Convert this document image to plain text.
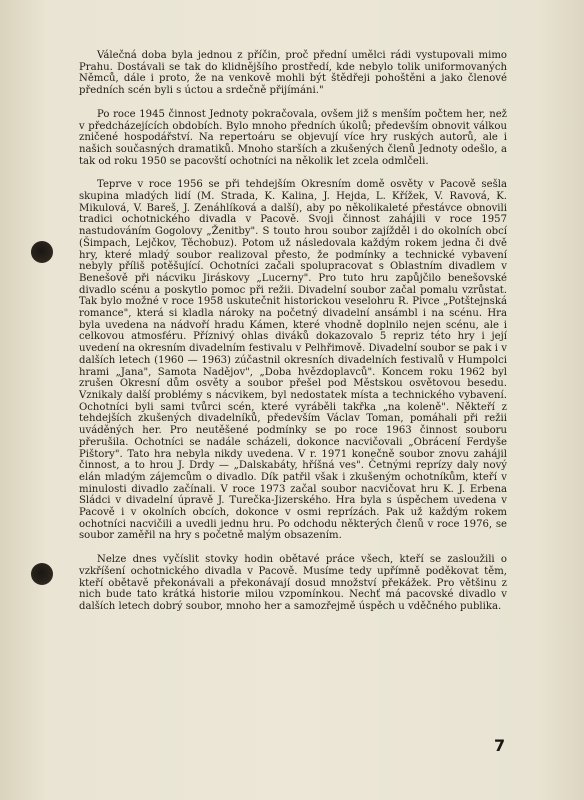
Válečná doba byla jednou z příčin, proč přední umělci rádi vystupovali mimo Prahu. Dostávali se tak do klidnějšího prostředí, kde nebylo tolik uniformovaných Němců, dále i proto, že na venkově mohli být štědřeji pohoštěni a jako členové předních scén byli s úctou a srdečně přijímáni."

Po roce 1945 činnost Jednoty pokračovala, ovšem již s menším počtem her, než v předcházejících obdobích. Bylo mnoho předních úkolů; především obnovit válkou zničené hospodářství. Na repertoáru se objevují více hry ruských autorů, ale i našich současných dramatiků. Mnoho starších a zkušených členů Jednoty odešlo, a tak od roku 1950 se pacovští ochotníci na několik let zcela odmlčeli.

Teprve v roce 1956 se při tehdejším Okresním domě osvěty v Pacově sešla skupina mladých lidí (M. Strada, K. Kalina, J. Hejda, L. Křížek, V. Ravová, K. Mikulová, V. Bareš, J. Zenáhlíková a další), aby po několikaleté přestávce obnovili tradici ochotnického divadla v Pacově. Svoji činnost zahájili v roce 1957 nastudováním Gogolovy „Ženitby". S touto hrou soubor zajížděl i do okolních obcí (Šimpach, Lejčkov, Těchobuz). Potom už následovala každým rokem jedna či dvě hry, které mladý soubor realizoval přesto, že podmínky a technické vybavení nebyly příliš potěšující. Ochotníci začali spolupracovat s Oblastním divadlem v Benešově při nácviku Jiráskovy „Lucerny". Pro tuto hru zapůjčilo benešovské divadlo scénu a poskytlo pomoc při režii. Divadelní soubor začal pomalu vzrůstat. Tak bylo možné v roce 1958 uskutečnit historickou veselohru R. Pivce „Potštejnská romance", která si kladla nároky na početný divadelní ansámbl i na scénu. Hra byla uvedena na nádvoří hradu Kámen, které vhodně doplnilo nejen scénu, ale i celkovou atmosféru. Příznivý ohlas diváků dokazovalo 5 repriz této hry i její uvedení na okresním divadelním festivalu v Pelhřimově. Divadelní soubor se pak i v dalších letech (1960 — 1963) zúčastnil okresních divadelních festivalů v Humpolci hrami „Jana", Samota Nadějov", „Doba hvězdoplavců". Koncem roku 1962 byl zrušen Okresní dům osvěty a soubor přešel pod Městskou osvětovou besedu. Vznikaly další problémy s nácvikem, byl nedostatek místa a technického vybavení. Ochotníci byli sami tvůrci scén, které vyráběli takřka „na koleně". Někteří z tehdejších zkušených divadelníků, především Václav Toman, pomáhali při režii uváděných her. Pro neutěšené podmínky se po roce 1963 činnost souboru přerušila. Ochotníci se nadále scházeli, dokonce nacvičovali „Obrácení Ferdyše Pištory". Tato hra nebyla nikdy uvedena. V r. 1971 konečně soubor znovu zahájil činnost, a to hrou J. Drdy — „Dalskabáty, hříšná ves". Četnými reprízy daly nový elán mladým zájemcům o divadlo. Dík patřil však i zkušeným ochotníkům, kteří v minulosti divadlo začínali. V roce 1973 začal soubor nacvičovat hru K. J. Erbena Sládci v divadelní úpravě J. Turečka-Jizerského. Hra byla s úspěchem uvedena v Pacově i v okolních obcích, dokonce v osmi reprízách. Pak už každým rokem ochotníci nacvičili a uvedli jednu hru. Po odchodu některých členů v roce 1976, se soubor zaměřil na hry s početně malým obsazením.

Nelze dnes vyčíslit stovky hodin obětavé práce všech, kteří se zasloužili o vzkříšení ochotnického divadla v Pacově. Musíme tedy upřímně poděkovat těm, kteří obětavě překonávali a překonávají dosud množství překážek. Pro většinu z nich bude tato krátká historie milou vzpomínkou. Nechť má pacovské divadlo v dalších letech dobrý soubor, mnoho her a samozřejmě úspěch u vděčného publika.

7
